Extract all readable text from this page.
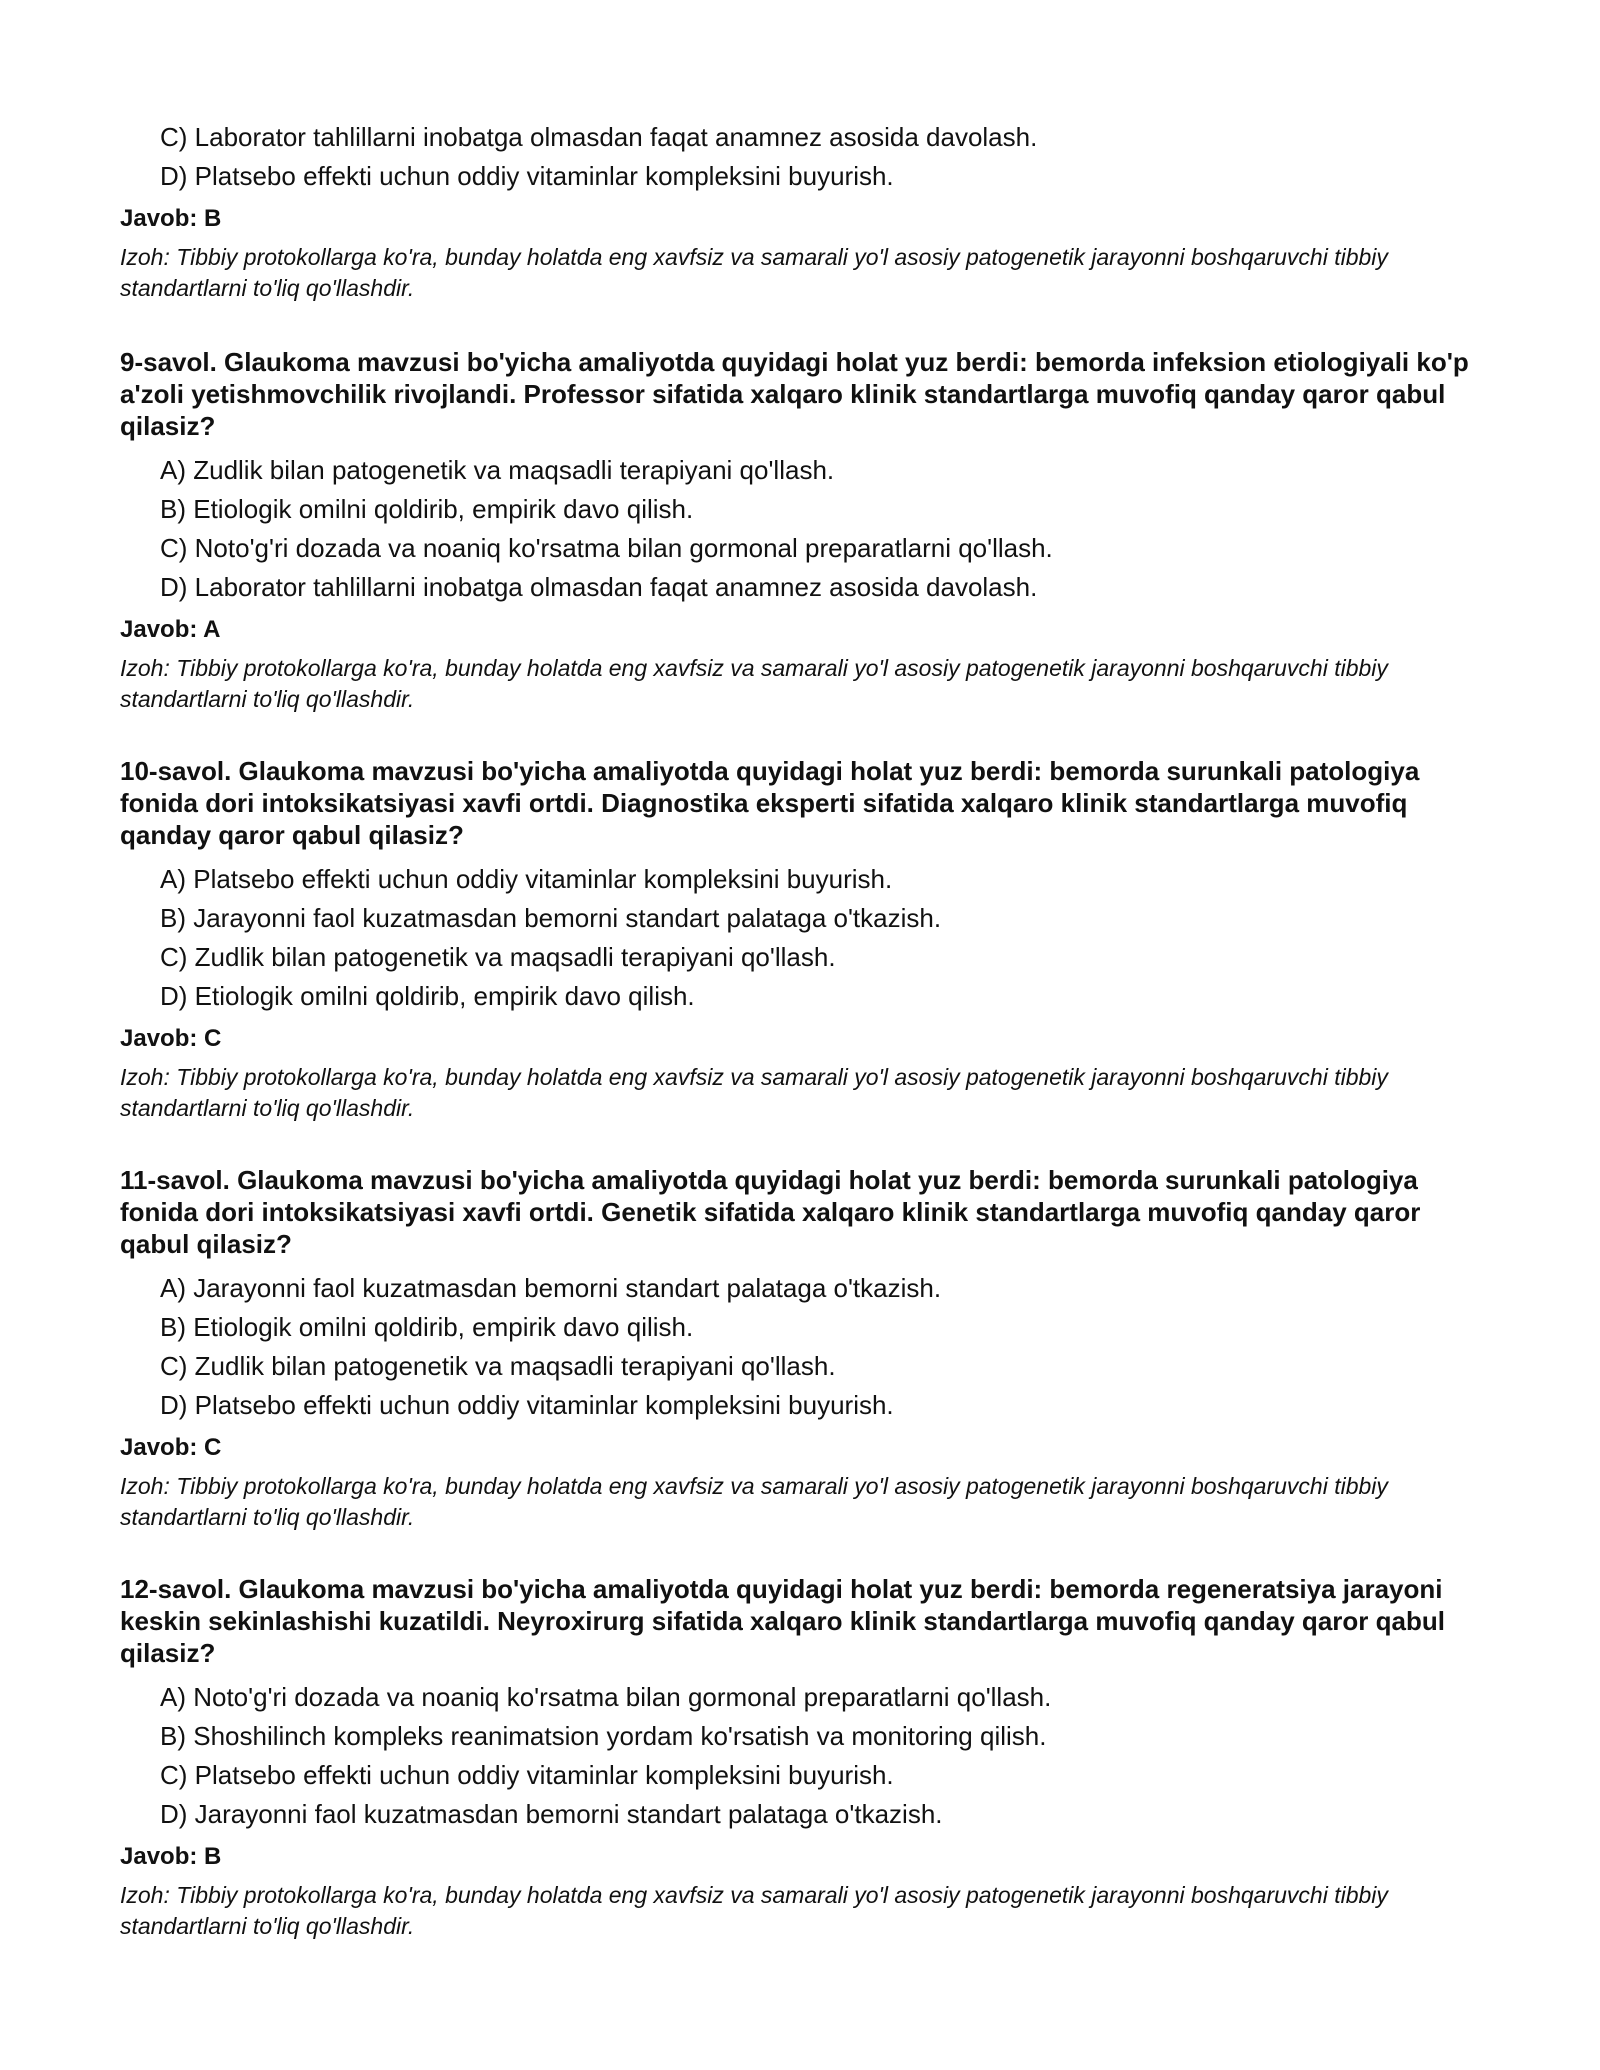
C) Laborator tahlillarni inobatga olmasdan faqat anamnez asosida davolash.
D) Platsebo effekti uchun oddiy vitaminlar kompleksini buyurish.
Javob: B
Izoh: Tibbiy protokollarga ko'ra, bunday holatda eng xavfsiz va samarali yo'l asosiy patogenetik jarayonni boshqaruvchi tibbiy standartlarni to'liq qo'llashdir.
9-savol. Glaukoma mavzusi bo'yicha amaliyotda quyidagi holat yuz berdi: bemorda infeksion etiologiyali ko'p a'zoli yetishmovchilik rivojlandi. Professor sifatida xalqaro klinik standartlarga muvofiq qanday qaror qabul qilasiz?
A) Zudlik bilan patogenetik va maqsadli terapiyani qo'llash.
B) Etiologik omilni qoldirib, empirik davo qilish.
C) Noto'g'ri dozada va noaniq ko'rsatma bilan gormonal preparatlarni qo'llash.
D) Laborator tahlillarni inobatga olmasdan faqat anamnez asosida davolash.
Javob: A
Izoh: Tibbiy protokollarga ko'ra, bunday holatda eng xavfsiz va samarali yo'l asosiy patogenetik jarayonni boshqaruvchi tibbiy standartlarni to'liq qo'llashdir.
10-savol. Glaukoma mavzusi bo'yicha amaliyotda quyidagi holat yuz berdi: bemorda surunkali patologiya fonida dori intoksikatsiyasi xavfi ortdi. Diagnostika eksperti sifatida xalqaro klinik standartlarga muvofiq qanday qaror qabul qilasiz?
A) Platsebo effekti uchun oddiy vitaminlar kompleksini buyurish.
B) Jarayonni faol kuzatmasdan bemorni standart palataga o'tkazish.
C) Zudlik bilan patogenetik va maqsadli terapiyani qo'llash.
D) Etiologik omilni qoldirib, empirik davo qilish.
Javob: C
Izoh: Tibbiy protokollarga ko'ra, bunday holatda eng xavfsiz va samarali yo'l asosiy patogenetik jarayonni boshqaruvchi tibbiy standartlarni to'liq qo'llashdir.
11-savol. Glaukoma mavzusi bo'yicha amaliyotda quyidagi holat yuz berdi: bemorda surunkali patologiya fonida dori intoksikatsiyasi xavfi ortdi. Genetik sifatida xalqaro klinik standartlarga muvofiq qanday qaror qabul qilasiz?
A) Jarayonni faol kuzatmasdan bemorni standart palataga o'tkazish.
B) Etiologik omilni qoldirib, empirik davo qilish.
C) Zudlik bilan patogenetik va maqsadli terapiyani qo'llash.
D) Platsebo effekti uchun oddiy vitaminlar kompleksini buyurish.
Javob: C
Izoh: Tibbiy protokollarga ko'ra, bunday holatda eng xavfsiz va samarali yo'l asosiy patogenetik jarayonni boshqaruvchi tibbiy standartlarni to'liq qo'llashdir.
12-savol. Glaukoma mavzusi bo'yicha amaliyotda quyidagi holat yuz berdi: bemorda regeneratsiya jarayoni keskin sekinlashishi kuzatildi. Neyroxirurg sifatida xalqaro klinik standartlarga muvofiq qanday qaror qabul qilasiz?
A) Noto'g'ri dozada va noaniq ko'rsatma bilan gormonal preparatlarni qo'llash.
B) Shoshilinch kompleks reanimatsion yordam ko'rsatish va monitoring qilish.
C) Platsebo effekti uchun oddiy vitaminlar kompleksini buyurish.
D) Jarayonni faol kuzatmasdan bemorni standart palataga o'tkazish.
Javob: B
Izoh: Tibbiy protokollarga ko'ra, bunday holatda eng xavfsiz va samarali yo'l asosiy patogenetik jarayonni boshqaruvchi tibbiy standartlarni to'liq qo'llashdir.
